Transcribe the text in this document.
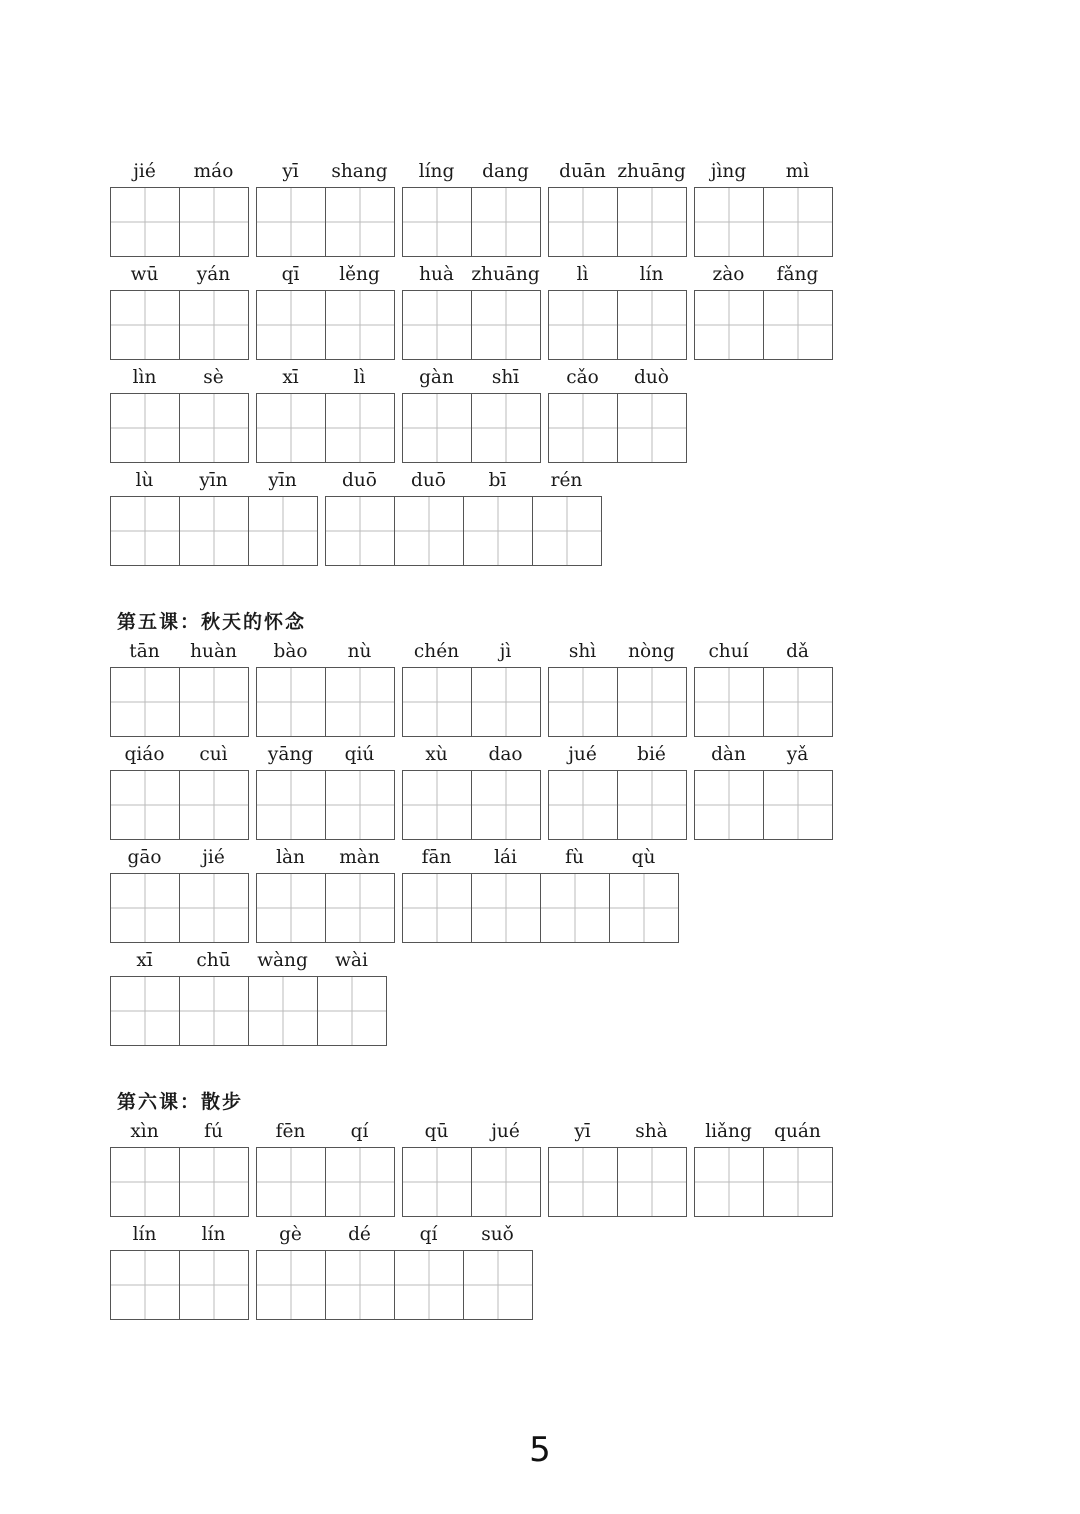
jié	máo	yī	shang	líng	dang	duān zhuāng	jìng	mì
wū	yán	qī	lěng	huà zhuāng	lì	lín	zào	fǎng
lìn	sè	xī	lì	gàn	shī	cǎo	duò
lù	yīn	yīn	duō	duō	bī	rén
第五课：秋天的怀念
tān	huàn	bào	nù	chén	jì	shì	nòng	chuí	dǎ
qiáo	cuì	yāng	qiú	xù	dao	jué	bié	dàn	yǎ
gāo	jié	làn	màn	fān	lái	fù	qù
xī	chū	wàng	wài
第六课：散步
xìn	fú	fēn	qí	qū	jué	yī	shà	liǎng	quán
lín	lín	gè	dé	qí	suǒ
5
